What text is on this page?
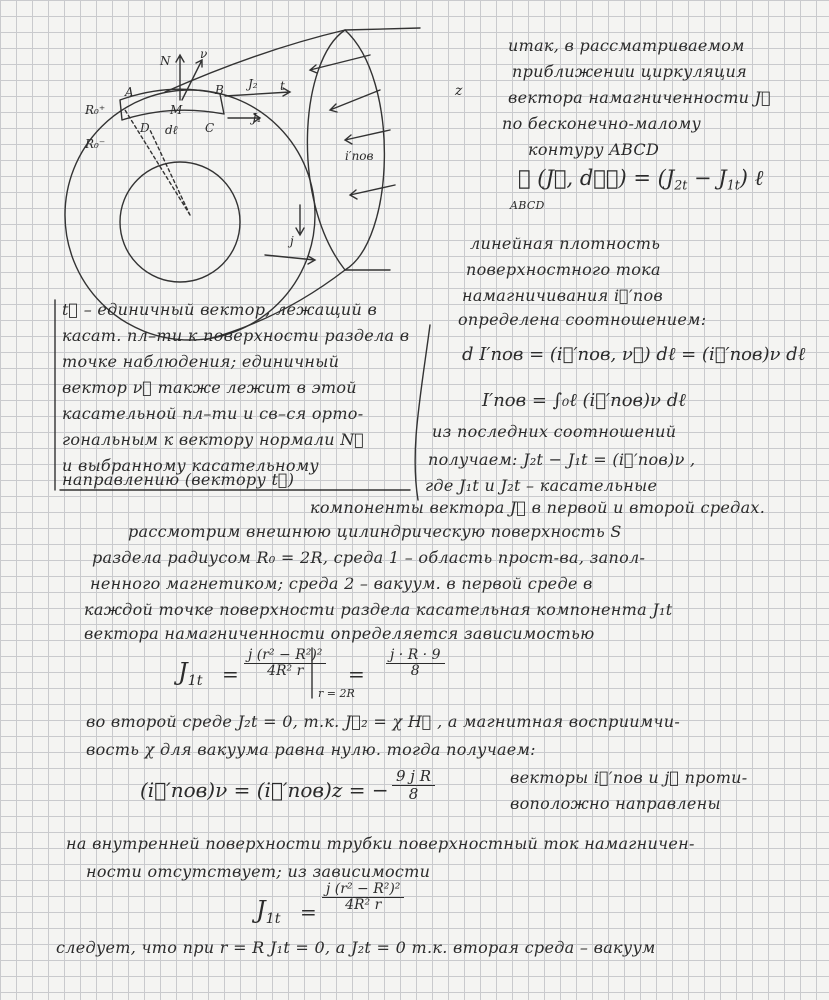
N ν
A	B J₂ t
M
J₁
R₀⁺
R₀⁻
D dℓ C
z
i′пов
j
итак, в рассматриваемом
приближении циркуляция
вектора намагниченности J⃗
по бесконечно-малому
контуру ABCD
∮ (J⃗, dℓ⃗) = $(J_{2t} - J_{1t})$ ℓ
ABCD
линейная плотность
поверхностного тока
намагничивания i⃗′пов
определена соотношением:
d I′пов = (i⃗′пов, ν⃗) dℓ = (i⃗′пов)ν dℓ
I′пов = ∫₀ℓ (i⃗′пов)ν dℓ
t⃗ – единичный вектор, лежащий в
касат. пл–ти к поверхности раздела в
точке наблюдения; единичный
вектор ν⃗ также лежит в этой
касательной пл–ти и св–ся орто-
гональным к вектору нормали N⃗
и выбранному касательному
направлению (вектору t⃗)
из последних соотношений
получаем: J₂t − J₁t = (i⃗′пов)ν ,
где J₁t и J₂t – касательные
компоненты вектора J⃗ в первой и второй средах.
рассмотрим внешнюю цилиндрическую поверхность S
раздела радиусом R₀ = 2R, среда 1 – область прост-ва, запол-
ненного магнетиком; среда 2 – вакуум. в первой среде в
каждой точке поверхности раздела касательная компонента J₁t
вектора намагниченности определяется зависимостью
$J_{1t} = \frac{\text{j (r² − R²)²}}{\text{4R² r}}$
r = 2R
= $\frac{j \cdot R \cdot 9}{8}$
во второй среде J₂t = 0, т.к. J⃗₂ = χ H⃗ , а магнитная восприимчи-
вость χ для вакуума равна нулю. тогда получаем:
(i⃗′пов)ν = (i⃗′пов)z = − $\frac{\text{9 j R}}{8}$	векторы i⃗′пов и j⃗ проти-
воположно направлены
на внутренней поверхности трубки поверхностный ток намагничен-
ности отсутствует; из зависимости
$J_{1t} = \frac{\text{j (r² − R²)²}}{\text{4R² r}}$
следует, что при r = R J₁t = 0, а J₂t = 0 т.к. вторая среда – вакуум
